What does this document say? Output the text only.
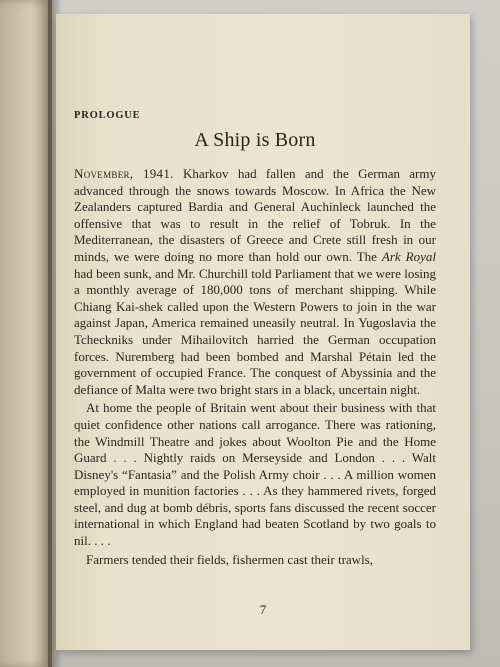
PROLOGUE

A Ship is Born

November, 1941. Kharkov had fallen and the German army advanced through the snows towards Moscow. In Africa the New Zealanders captured Bardia and General Auchinleck launched the offensive that was to result in the relief of Tobruk. In the Mediterranean, the disasters of Greece and Crete still fresh in our minds, we were doing no more than hold our own. The Ark Royal had been sunk, and Mr. Churchill told Parliament that we were losing a monthly average of 180,000 tons of merchant shipping. While Chiang Kai-shek called upon the Western Powers to join in the war against Japan, America remained uneasily neutral. In Yugoslavia the Tcheckniks under Mihailovitch harried the German occupation forces. Nuremberg had been bombed and Marshal Pétain led the government of occupied France. The conquest of Abyssinia and the defiance of Malta were two bright stars in a black, uncertain night.

At home the people of Britain went about their business with that quiet confidence other nations call arrogance. There was rationing, the Windmill Theatre and jokes about Woolton Pie and the Home Guard . . . Nightly raids on Merseyside and London . . . Walt Disney's “Fantasia” and the Polish Army choir . . . A million women employed in munition factories . . . As they hammered rivets, forged steel, and dug at bomb débris, sports fans discussed the recent soccer international in which England had beaten Scotland by two goals to nil. . . .

Farmers tended their fields, fishermen cast their trawls,

7
